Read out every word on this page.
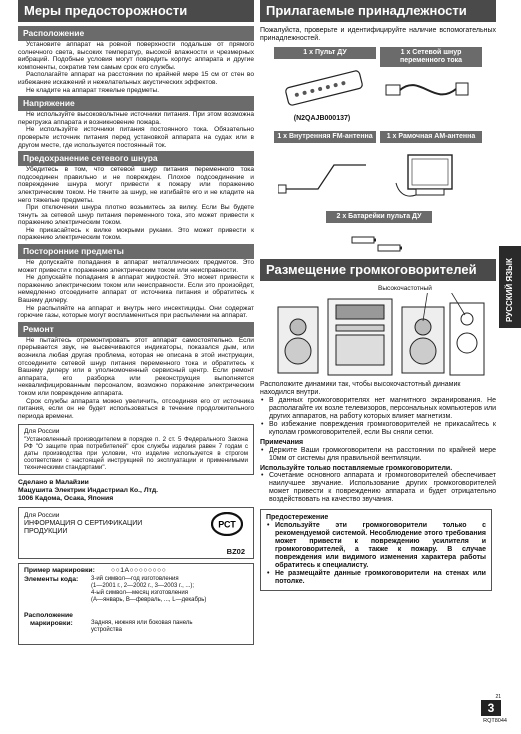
Меры предосторожности
Расположение

Установите аппарат на ровной поверхности подальше от прямого солнечного света, высоких температур, высокой влажности и чрезмерных вибраций. Подобные условия могут повредить корпус аппарата и другие компоненты, сократив тем самым срок его службы.

Располагайте аппарат на расстоянии по крайней мере 15 см от стен во избежание искажений и нежелательных акустических эффектов.

Не кладите на аппарат тяжелые предметы.

Напряжение

Не используйте высоковольтные источники питания. При этом возможна перегрузка аппарата и возникновение пожара.

Не используйте источники питания постоянного тока. Обязательно проверьте источник питания перед установкой аппарата на судах или в другом месте, где используется постоянный ток.

Предохранение сетевого шнура

Убедитесь в том, что сетевой шнур питания переменного тока подсоединен правильно и не поврежден. Плохое подсоединение и повреждение шнура могут привести к пожару или поражению электрическим током. Не тяните за шнур, не изгибайте его и не кладите на него тяжелые предметы.

При отключении шнура плотно возьмитесь за вилку. Если Вы будете тянуть за сетевой шнур питания переменного тока, это может привести к поражению электрическим током.

Не прикасайтесь к вилке мокрыми руками. Это может привести к поражению электрическим током.

Посторонние предметы

Не допускайте попадания в аппарат металлических предметов. Это может привести к поражению электрическим током или неисправности.

Не допускайте попадания в аппарат жидкостей. Это может привести к поражению электрическим током или неисправности. Если это произойдет, немедленно отсоедините аппарат от источника питания и обратитесь к Вашему дилеру.

Не распыляйте на аппарат и внутрь него инсектициды. Они содержат горючие газы, которые могут воспламениться при распылении на аппарат.

Ремонт

Не пытайтесь отремонтировать этот аппарат самостоятельно. Если прерывается звук, не высвечиваются индикаторы, показался дым, или возникла любая другая проблема, которая не описана в этой инструкции, отсоедините сетевой шнур питания переменного тока и обратитесь к Вашему дилеру или в уполномоченный сервисный центр. Если ремонт аппарата, его разборка или реконструкция выполняется неквалифицированным персоналом, возможно поражение электрическим током или повреждение аппарата.

Срок службы аппарата можно увеличить, отсоединяя его от источника питания, если он не будет использоваться в течение продолжительного периода времени.

Для России
"Установленный производителем в порядке п. 2 ст. 5 Федерального Закона РФ "О защите прав потребителей" срок службы изделия равен 7 годам с даты производства при условии, что изделие используется в строгом соответствии с настоящей инструкцией по эксплуатации и применимыми техническими стандартами".
Сделано в Малайзии
Мацушита Электрик Индастриал Ко., Лтд.
1006 Кадома, Осака, Япония
Для России
ИНФОРМАЦИЯ О СЕРТИФИКАЦИИ
ПРОДУКЦИИ
РСТ
BZ02
Пример маркировки: ○○1A○○○○○○○○
Элементы кода: 3-ий символ—год изготовления
(1—2001 г., 2—2002 г., 3—2003 г., ...);
4-ый символ—месяц изготовления
(A—январь, B—февраль, ..., L—декабрь)
Расположение
маркировки:	Задняя, нижняя или боковая панель
устройства
Прилагаемые принадлежности

Пожалуйста, проверьте и идентифицируйте наличие вспомогательных принадлежностей.

1 x Пульт ДУ	1 x Сетевой шнур переменного тока
(N2QAJB000137)
1 x Внутренняя FM-антенна	1 x Рамочная AM-антенна
2 x Батарейки пульта ДУ
Размещение громкоговорителей
Высокочастотный

Расположите динамики так, чтобы высокочастотный динамик находился внутри.

• В данных громкоговорителях нет магнитного экранирования. Не располагайте их возле телевизоров, персональных компьютеров или других аппаратов, на работу которых влияет магнетизм.
• Во избежание повреждения громкоговорителей не прикасайтесь к куполам громкоговорителей, если Вы сняли сетки.
Примечания
• Держите Ваши громкоговорители на расстоянии по крайней мере 10мм от системы для правильной вентиляции.
Используйте только поставляемые громкоговорители.
• Сочетание основного аппарата и громкоговорителей обеспечивает наилучшее звучание. Использование других громкоговорителей может привести к повреждению аппарата и будет отрицательно воздействовать на качество звучания.
Предостережение
• Используйте эти громкоговорители только с рекомендуемой системой. Несоблюдение этого требования может привести к повреждению усилителя и громкоговорителей, а также к пожару. В случае повреждения или видимого изменения характера работы обратитесь к специалисту.
• Не размещайте данные громкоговорители на стенах или потолке.
РУССКИЙ ЯЗЫК
21
3
RQT8044
